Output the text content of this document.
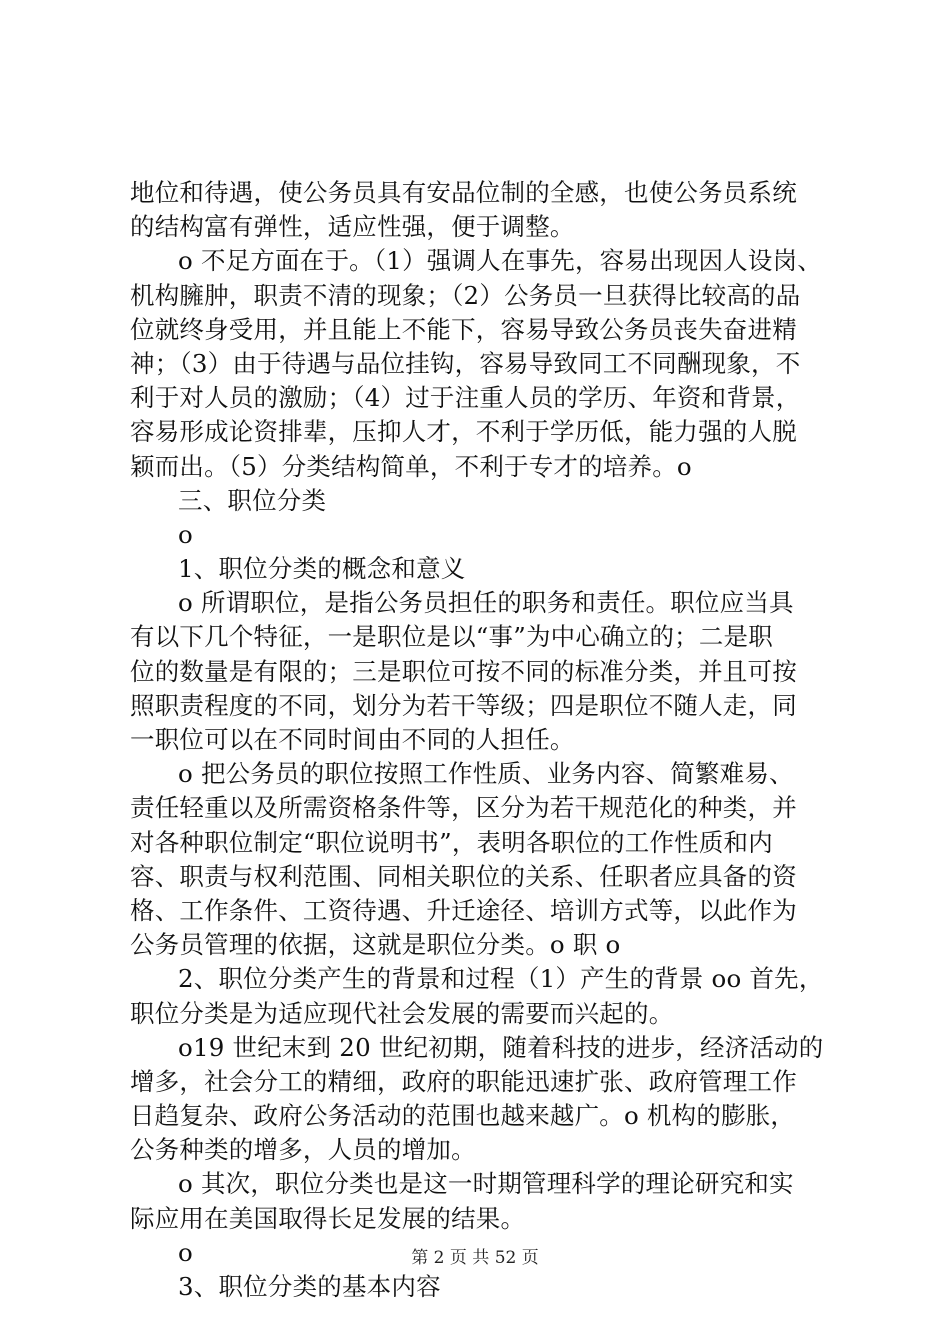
地位和待遇，使公务员具有安品位制的全感，也使公务员系统
的结构富有弹性，适应性强，便于调整。
o 不足方面在于。（1）强调人在事先，容易出现因人设岗、
机构臃肿，职责不清的现象；（2）公务员一旦获得比较高的品
位就终身受用，并且能上不能下，容易导致公务员丧失奋进精
神；（3）由于待遇与品位挂钩，容易导致同工不同酬现象，不
利于对人员的激励；（4）过于注重人员的学历、年资和背景，
容易形成论资排辈，压抑人才，不利于学历低，能力强的人脱
颖而出。（5）分类结构简单，不利于专才的培养。o
三、职位分类
o
1、职位分类的概念和意义
o 所谓职位，是指公务员担任的职务和责任。职位应当具
有以下几个特征，一是职位是以“事”为中心确立的；二是职
位的数量是有限的；三是职位可按不同的标准分类，并且可按
照职责程度的不同，划分为若干等级；四是职位不随人走，同
一职位可以在不同时间由不同的人担任。
o 把公务员的职位按照工作性质、业务内容、简繁难易、
责任轻重以及所需资格条件等，区分为若干规范化的种类，并
对各种职位制定“职位说明书”，表明各职位的工作性质和内
容、职责与权利范围、同相关职位的关系、任职者应具备的资
格、工作条件、工资待遇、升迁途径、培训方式等，以此作为
公务员管理的依据，这就是职位分类。o 职 o
2、职位分类产生的背景和过程（1）产生的背景 oo 首先，
职位分类是为适应现代社会发展的需要而兴起的。
o19 世纪末到 20 世纪初期，随着科技的进步，经济活动的
增多，社会分工的精细，政府的职能迅速扩张、政府管理工作
日趋复杂、政府公务活动的范围也越来越广。o 机构的膨胀，
公务种类的增多，人员的增加。
o 其次，职位分类也是这一时期管理科学的理论研究和实
际应用在美国取得长足发展的结果。
o
3、职位分类的基本内容
第 2 页 共 52 页
